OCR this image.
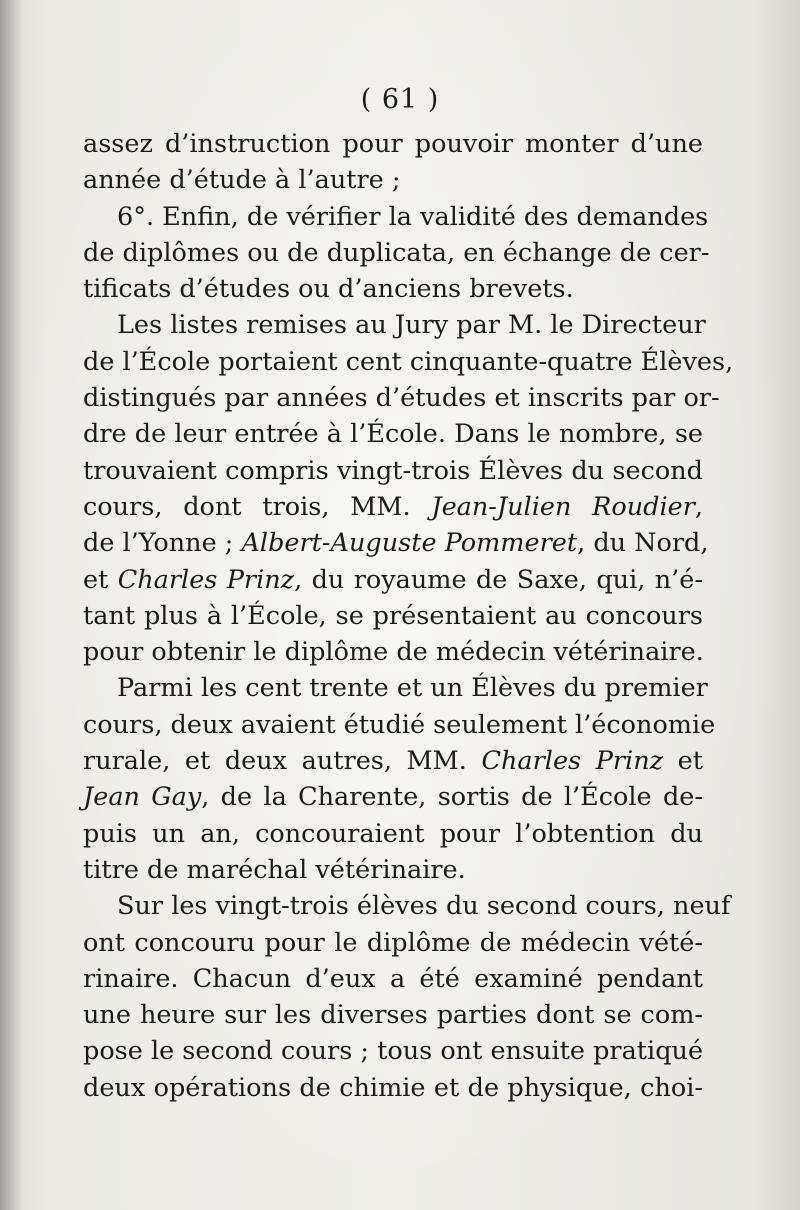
( 61 )

assez d’instruction pour pouvoir monter d’une
année d’étude à l’autre ;

6°. Enfin, de vérifier la validité des demandes
de diplômes ou de duplicata, en échange de cer-
tificats d’études ou d’anciens brevets.

Les listes remises au Jury par M. le Directeur
de l’École portaient cent cinquante-quatre Élèves,
distingués par années d’études et inscrits par or-
dre de leur entrée à l’École. Dans le nombre, se
trouvaient compris vingt-trois Élèves du second
cours, dont trois, MM. Jean-Julien Roudier,
de l’Yonne ; Albert-Auguste Pommeret, du Nord,
et Charles Prinz, du royaume de Saxe, qui, n’é-
tant plus à l’École, se présentaient au concours
pour obtenir le diplôme de médecin vétérinaire.

Parmi les cent trente et un Élèves du premier
cours, deux avaient étudié seulement l’économie
rurale, et deux autres, MM. Charles Prinz et
Jean Gay, de la Charente, sortis de l’École de-
puis un an, concouraient pour l’obtention du
titre de maréchal vétérinaire.

Sur les vingt-trois élèves du second cours, neuf
ont concouru pour le diplôme de médecin vété-
rinaire. Chacun d’eux a été examiné pendant
une heure sur les diverses parties dont se com-
pose le second cours ; tous ont ensuite pratiqué
deux opérations de chimie et de physique, choi-
